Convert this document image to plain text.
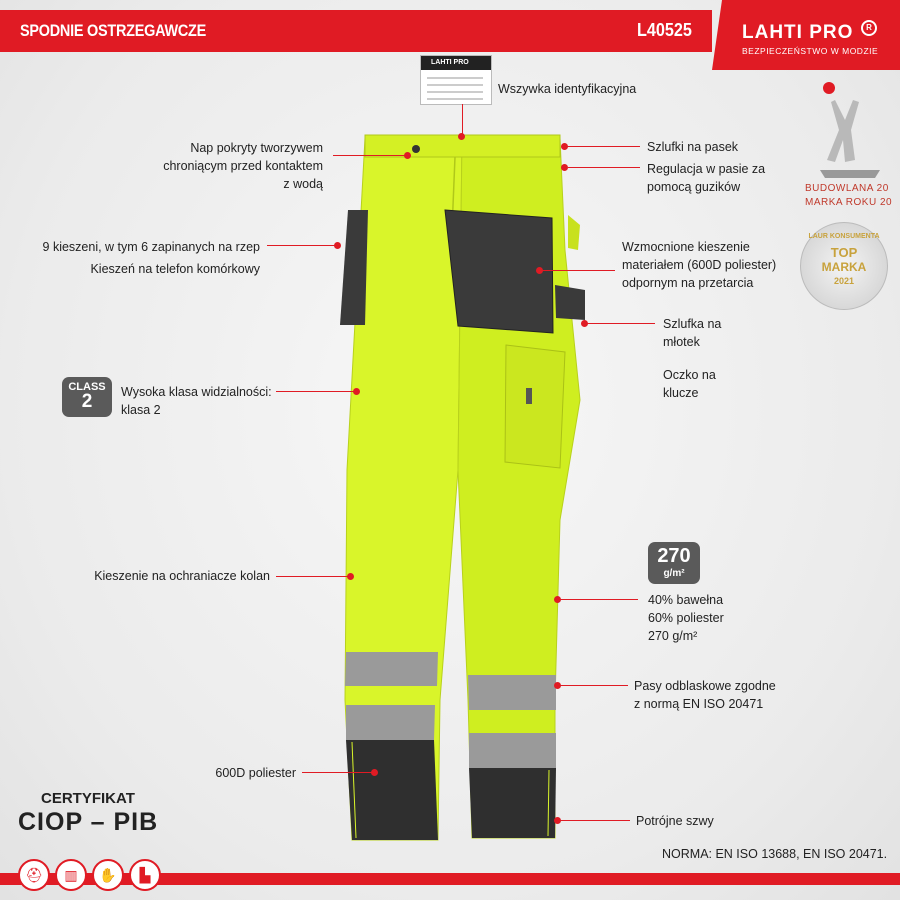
SPODNIE OSTRZEGAWCZE	L40525	LAHTI PRO	R
BEZPIECZEŃSTWO W MODZIE
LAHTI PRO
Wszywka identyfikacyjna
Nap pokryty tworzywem
chroniącym przed kontaktem
z wodą
Szlufki na pasek
Regulacja w pasie za
pomocą guzików
9 kieszeni, w tym 6 zapinanych na rzep
Kieszeń na telefon komórkowy
Wzmocnione kieszenie
materiałem (600D poliester)
odpornym na przetarcia
Szlufka na
młotek
Oczko na
klucze
CLASS
2	Wysoka klasa widzialności:
klasa 2
270
g/m²
40% bawełna
60% poliester
270 g/m²
Kieszenie na ochraniacze kolan
Pasy odblaskowe zgodne
z normą EN ISO 20471
600D poliester
Potrójne szwy
BUDOWLANA 20
MARKA ROKU 20
LAUR KONSUMENTA
TOP
MARKA
2021
CERTYFIKAT
CIOP – PIB
NORMA: EN ISO 13688, EN ISO 20471.
⛑	▥	✋	▙
